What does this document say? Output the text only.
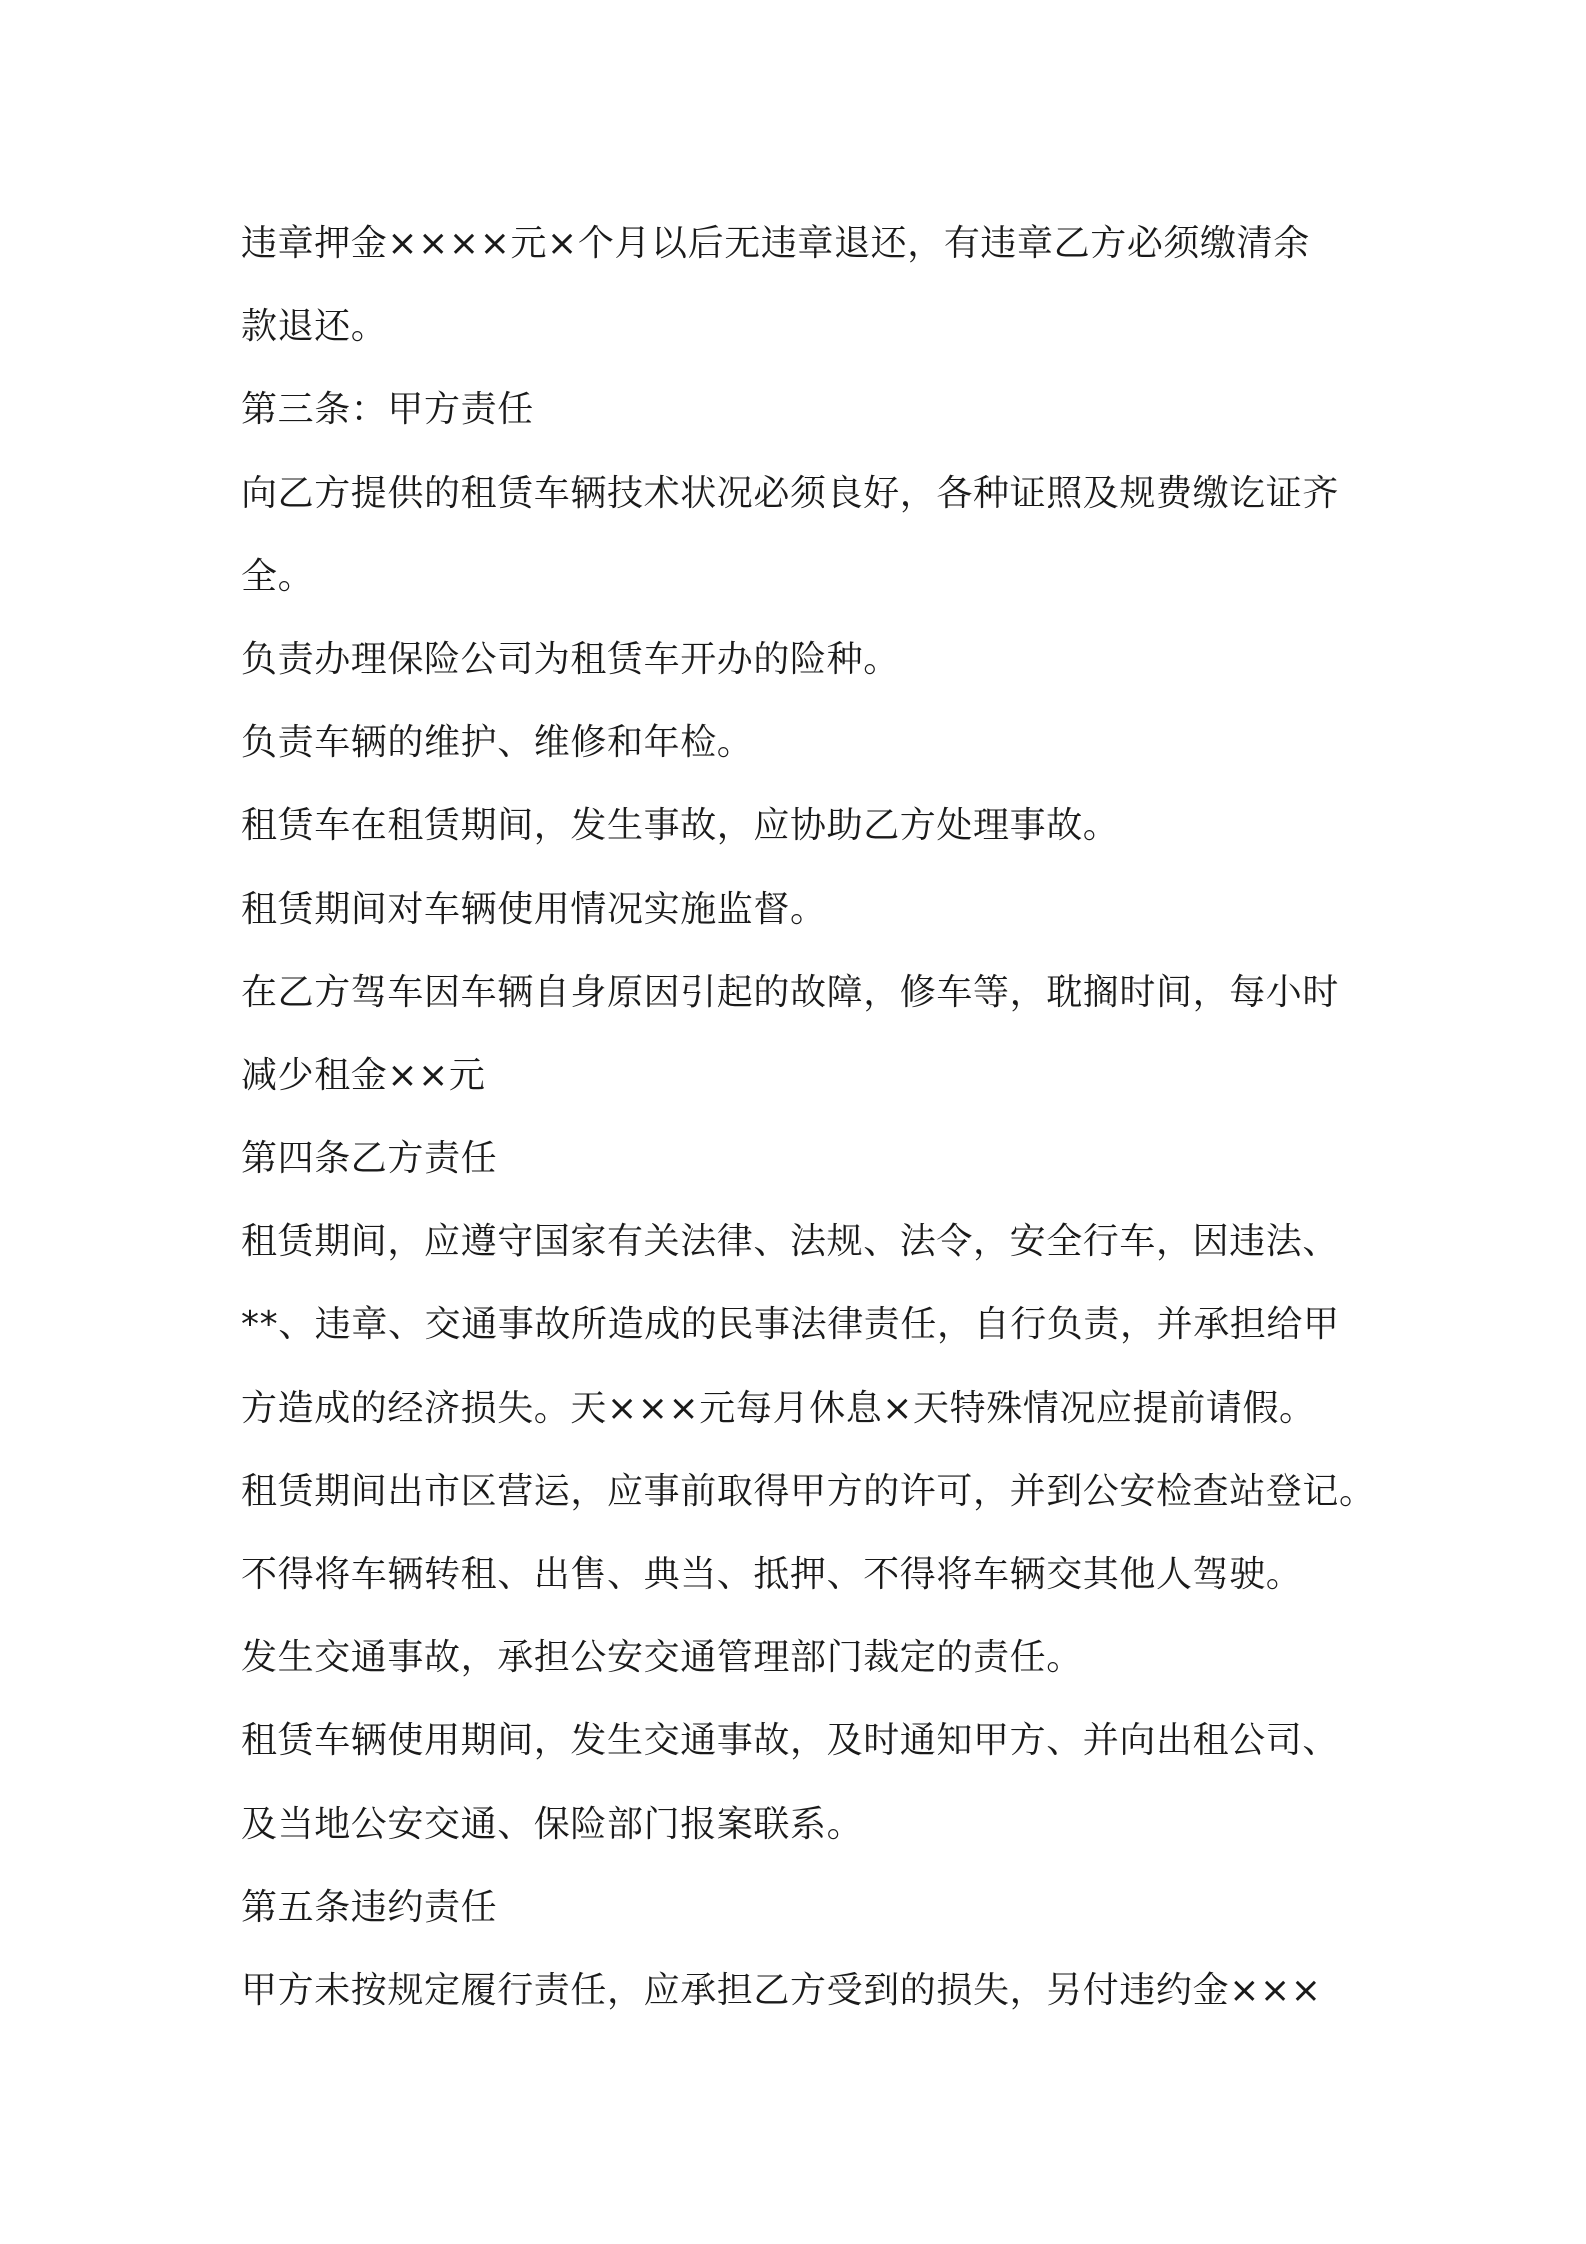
违章押金××××元×个月以后无违章退还，有违章乙方必须缴清余
款退还。
第三条：甲方责任
向乙方提供的租赁车辆技术状况必须良好，各种证照及规费缴讫证齐
全。
负责办理保险公司为租赁车开办的险种。
负责车辆的维护、维修和年检。
租赁车在租赁期间，发生事故，应协助乙方处理事故。
租赁期间对车辆使用情况实施监督。
在乙方驾车因车辆自身原因引起的故障，修车等，耽搁时间，每小时
减少租金××元
第四条乙方责任
租赁期间，应遵守国家有关法律、法规、法令，安全行车，因违法、
**、违章、交通事故所造成的民事法律责任，自行负责，并承担给甲
方造成的经济损失。天×××元每月休息×天特殊情况应提前请假。
租赁期间出市区营运，应事前取得甲方的许可，并到公安检查站登记。
不得将车辆转租、出售、典当、抵押、不得将车辆交其他人驾驶。
发生交通事故，承担公安交通管理部门裁定的责任。
租赁车辆使用期间，发生交通事故，及时通知甲方、并向出租公司、
及当地公安交通、保险部门报案联系。
第五条违约责任
甲方未按规定履行责任，应承担乙方受到的损失，另付违约金×××
